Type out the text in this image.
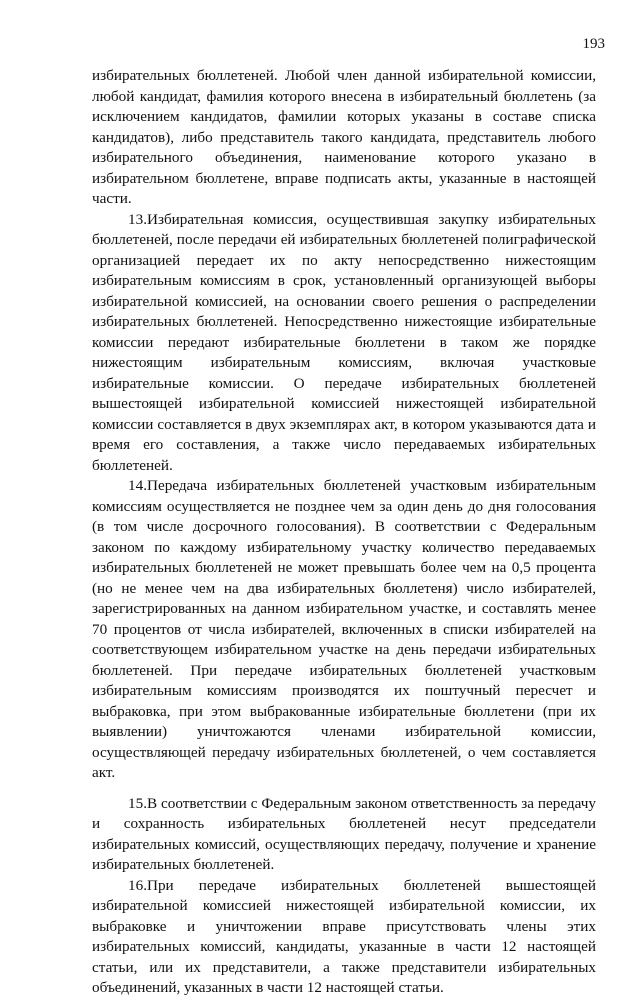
193

избирательных бюллетеней. Любой член данной избирательной комиссии, любой кандидат, фамилия которого внесена в избирательный бюллетень (за исключением кандидатов, фамилии которых указаны в составе списка кандидатов), либо представитель такого кандидата, представитель любого избирательного объединения, наименование которого указано в избирательном бюллетене, вправе подписать акты, указанные в настоящей части.

13.Избирательная комиссия, осуществившая закупку избирательных бюллетеней, после передачи ей избирательных бюллетеней полиграфической организацией передает их по акту непосредственно нижестоящим избирательным комиссиям в срок, установленный организующей выборы избирательной комиссией, на основании своего решения о распределении избирательных бюллетеней. Непосредственно нижестоящие избирательные комиссии передают избирательные бюллетени в таком же порядке нижестоящим избирательным комиссиям, включая участковые избирательные комиссии. О передаче избирательных бюллетеней вышестоящей избирательной комиссией нижестоящей избирательной комиссии составляется в двух экземплярах акт, в котором указываются дата и время его составления, а также число передаваемых избирательных бюллетеней.

14.Передача избирательных бюллетеней участковым избирательным комиссиям осуществляется не позднее чем за один день до дня голосования (в том числе досрочного голосования). В соответствии с Федеральным законом по каждому избирательному участку количество передаваемых избирательных бюллетеней не может превышать более чем на 0,5 процента (но не менее чем на два избирательных бюллетеня) число избирателей, зарегистрированных на данном избирательном участке, и составлять менее 70 процентов от числа избирателей, включенных в списки избирателей на соответствующем избирательном участке на день передачи избирательных бюллетеней. При передаче избирательных бюллетеней участковым избирательным комиссиям производятся их поштучный пересчет и выбраковка, при этом выбракованные избирательные бюллетени (при их выявлении) уничтожаются членами избирательной комиссии, осуществляющей передачу избирательных бюллетеней, о чем составляется акт.

15.В соответствии с Федеральным законом ответственность за передачу и сохранность избирательных бюллетеней несут председатели избирательных комиссий, осуществляющих передачу, получение и хранение избирательных бюллетеней.

16.При передаче избирательных бюллетеней вышестоящей избирательной комиссией нижестоящей избирательной комиссии, их выбраковке и уничтожении вправе присутствовать члены этих избирательных комиссий, кандидаты, указанные в части 12 настоящей статьи, или их представители, а также представители избирательных объединений, указанных в части 12 настоящей статьи.
